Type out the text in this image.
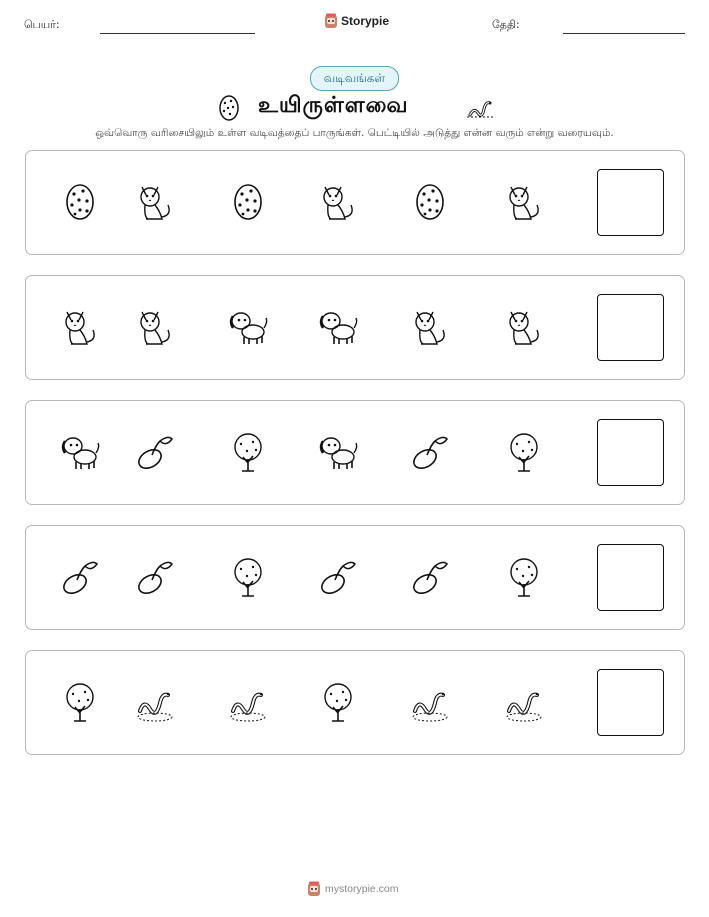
பெயர்:	Storypie	தேதி:
வடிவங்கள்
உயிருள்ளவை
ஒவ்வொரு வரிசையிலும் உள்ள வடிவத்தைப் பாருங்கள். பெட்டியில் அடுத்து என்ன வரும் என்று வரையவும்.
mystorypie.com
